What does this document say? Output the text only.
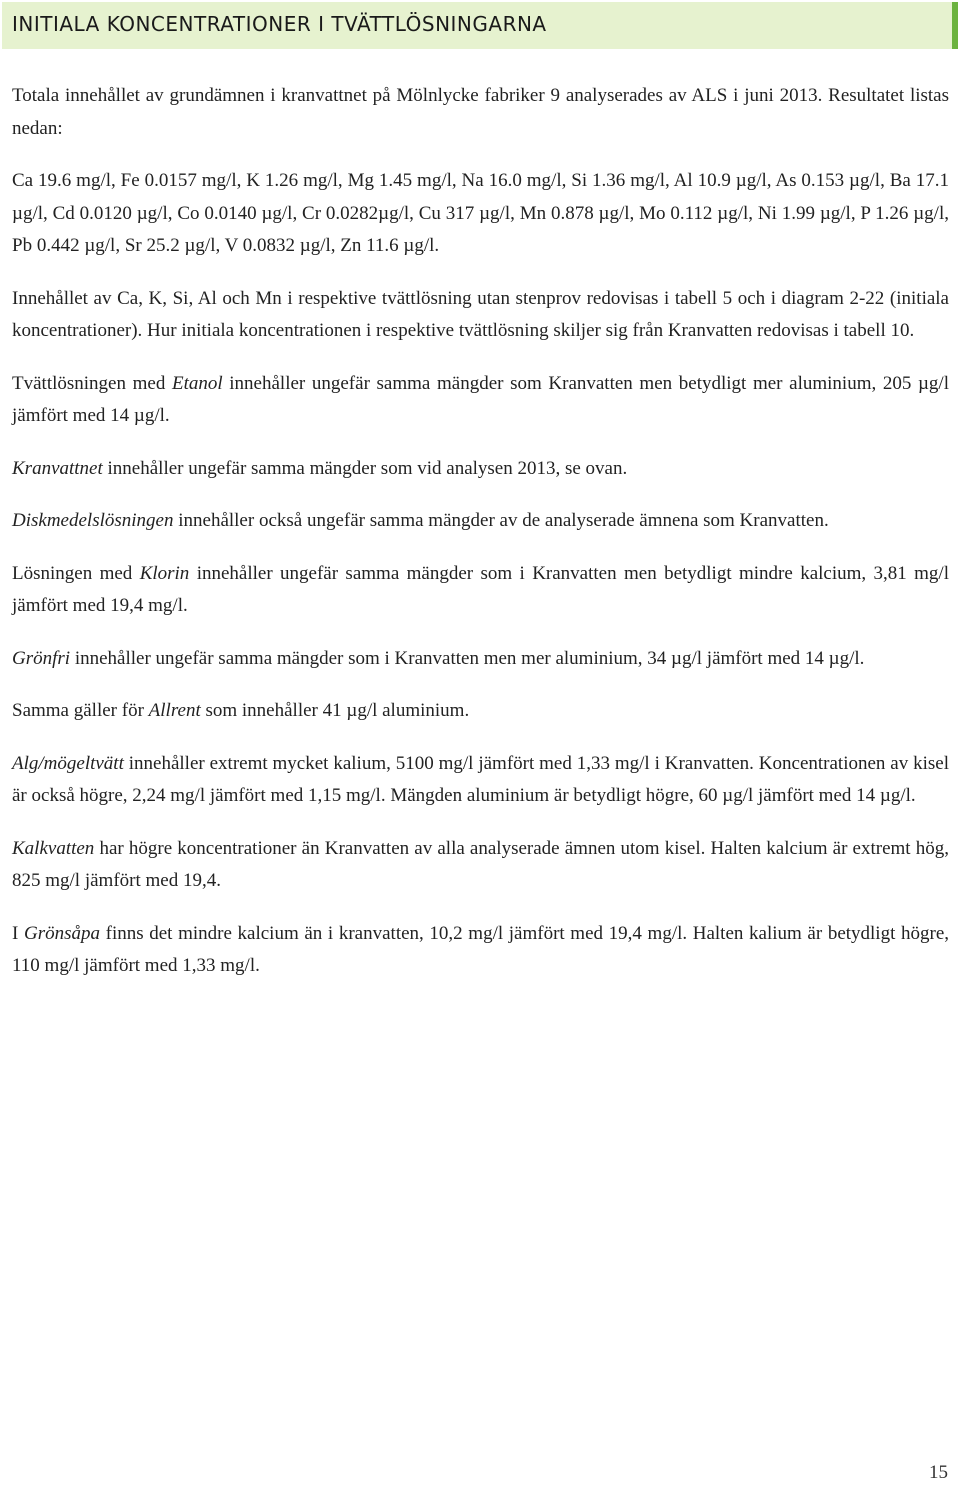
INITIALA KONCENTRATIONER I TVÄTTLÖSNINGARNA

Totala innehållet av grundämnen i kranvattnet på Mölnlycke fabriker 9 analyserades av ALS i juni 2013. Resultatet listas nedan:

Ca 19.6 mg/l, Fe 0.0157 mg/l, K 1.26 mg/l, Mg 1.45 mg/l, Na 16.0 mg/l, Si 1.36 mg/l, Al 10.9 µg/l, As 0.153 µg/l, Ba 17.1 µg/l, Cd 0.0120 µg/l, Co 0.0140 µg/l, Cr 0.0282µg/l, Cu 317 µg/l, Mn 0.878 µg/l, Mo 0.112 µg/l, Ni 1.99 µg/l, P 1.26 µg/l, Pb 0.442 µg/l, Sr 25.2 µg/l, V 0.0832 µg/l, Zn 11.6 µg/l.

Innehållet av Ca, K, Si, Al och Mn i respektive tvättlösning utan stenprov redovisas i tabell 5 och i diagram 2-22 (initiala koncentrationer). Hur initiala koncentrationen i respektive tvättlösning skiljer sig från Kranvatten redovisas i tabell 10.

Tvättlösningen med Etanol innehåller ungefär samma mängder som Kranvatten men betydligt mer aluminium, 205 µg/l jämfört med 14 µg/l.

Kranvattnet innehåller ungefär samma mängder som vid analysen 2013, se ovan.

Diskmedelslösningen innehåller också ungefär samma mängder av de analyserade ämnena som Kranvatten.

Lösningen med Klorin innehåller ungefär samma mängder som i Kranvatten men betydligt mindre kalcium, 3,81 mg/l jämfört med 19,4 mg/l.

Grönfri innehåller ungefär samma mängder som i Kranvatten men mer aluminium, 34 µg/l jämfört med 14 µg/l.

Samma gäller för Allrent som innehåller 41 µg/l aluminium.

Alg/mögeltvätt innehåller extremt mycket kalium, 5100 mg/l jämfört med 1,33 mg/l i Kranvatten. Koncentrationen av kisel är också högre, 2,24 mg/l jämfört med 1,15 mg/l. Mängden aluminium är betydligt högre, 60 µg/l jämfört med 14 µg/l.

Kalkvatten har högre koncentrationer än Kranvatten av alla analyserade ämnen utom kisel. Halten kalcium är extremt hög, 825 mg/l jämfört med 19,4.

I Grönsåpa finns det mindre kalcium än i kranvatten, 10,2 mg/l jämfört med 19,4 mg/l. Halten kalium är betydligt högre, 110 mg/l jämfört med 1,33 mg/l.

15
